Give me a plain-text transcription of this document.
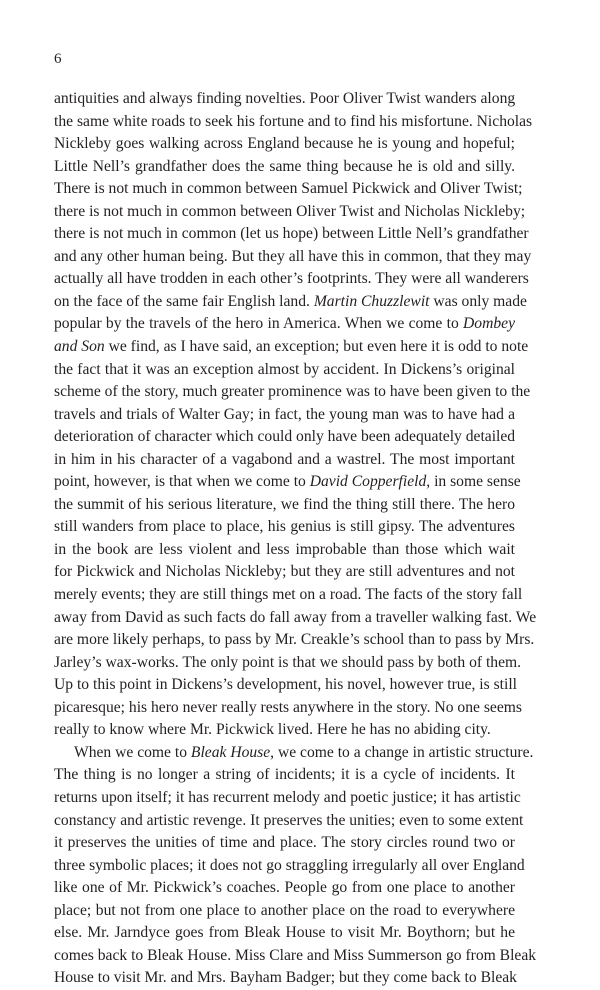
6
antiquities and always finding novelties. Poor Oliver Twist wanders along
the same white roads to seek his fortune and to find his misfortune. Nicholas
Nickleby goes walking across England because he is young and hopeful;
Little Nell’s grandfather does the same thing because he is old and silly.
There is not much in common between Samuel Pickwick and Oliver Twist;
there is not much in common between Oliver Twist and Nicholas Nickleby;
there is not much in common (let us hope) between Little Nell’s grandfather
and any other human being. But they all have this in common, that they may
actually all have trodden in each other’s footprints. They were all wanderers
on the face of the same fair English land. Martin Chuzzlewit was only made
popular by the travels of the hero in America. When we come to Dombey
and Son we find, as I have said, an exception; but even here it is odd to note
the fact that it was an exception almost by accident. In Dickens’s original
scheme of the story, much greater prominence was to have been given to the
travels and trials of Walter Gay; in fact, the young man was to have had a
deterioration of character which could only have been adequately detailed
in him in his character of a vagabond and a wastrel. The most important
point, however, is that when we come to David Copperfield, in some sense
the summit of his serious literature, we find the thing still there. The hero
still wanders from place to place, his genius is still gipsy. The adventures
in the book are less violent and less improbable than those which wait
for Pickwick and Nicholas Nickleby; but they are still adventures and not
merely events; they are still things met on a road. The facts of the story fall
away from David as such facts do fall away from a traveller walking fast. We
are more likely perhaps, to pass by Mr. Creakle’s school than to pass by Mrs.
Jarley’s wax-works. The only point is that we should pass by both of them.
Up to this point in Dickens’s development, his novel, however true, is still
picaresque; his hero never really rests anywhere in the story. No one seems
really to know where Mr. Pickwick lived. Here he has no abiding city.
When we come to Bleak House, we come to a change in artistic structure.
The thing is no longer a string of incidents; it is a cycle of incidents. It
returns upon itself; it has recurrent melody and poetic justice; it has artistic
constancy and artistic revenge. It preserves the unities; even to some extent
it preserves the unities of time and place. The story circles round two or
three symbolic places; it does not go straggling irregularly all over England
like one of Mr. Pickwick’s coaches. People go from one place to another
place; but not from one place to another place on the road to everywhere
else. Mr. Jarndyce goes from Bleak House to visit Mr. Boythorn; but he
comes back to Bleak House. Miss Clare and Miss Summerson go from Bleak
House to visit Mr. and Mrs. Bayham Badger; but they come back to Bleak
